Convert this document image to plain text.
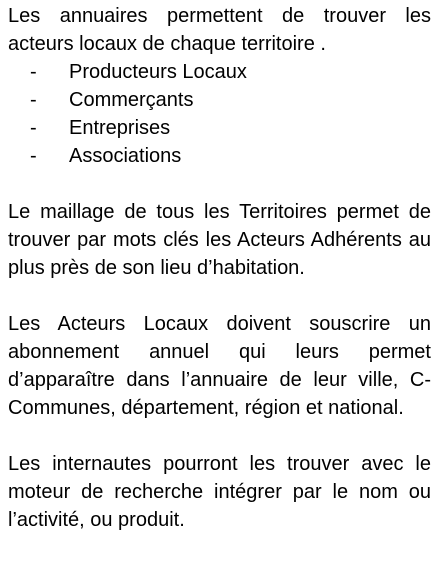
Les annuaires permettent de trouver les acteurs locaux de chaque territoire .

- Producteurs Locaux
- Commerçants
- Entreprises
- Associations

Le maillage de tous les Territoires permet de trouver par mots clés les Acteurs Adhérents au plus près de son lieu d’habitation.

Les Acteurs Locaux doivent souscrire un abonnement annuel qui leurs permet d’apparaître dans l’annuaire de leur ville, C-Communes, département, région et national.

Les internautes pourront les trouver avec le moteur de recherche intégrer par le nom ou l’activité, ou produit.
